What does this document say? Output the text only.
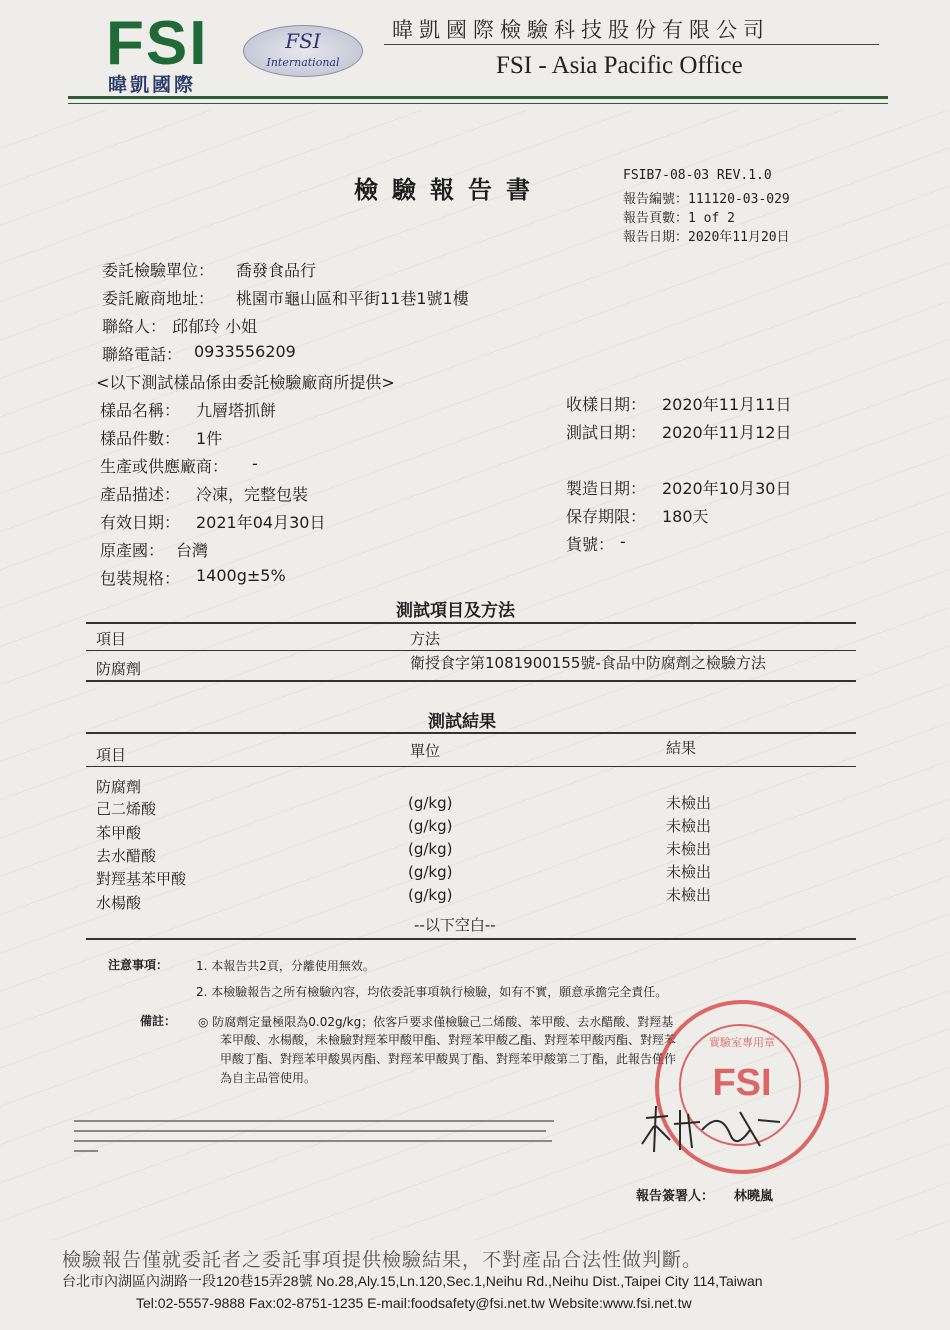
FSI
暐凱國際
FSI
International
暐凱國際檢驗科技股份有限公司
FSI - Asia Pacific Office
檢驗報告書	FSIB7-08-03 REV.1.0
報告編號：111120-03-029
報告頁數：1 of 2
報告日期：2020年11月20日
委託檢驗單位： 喬發食品行
委託廠商地址： 桃園市龜山區和平街11巷1號1樓
聯絡人： 邱郁玲 小姐
聯絡電話： 0933556209
<以下測試樣品係由委託檢驗廠商所提供>
樣品名稱： 九層塔抓餅
樣品件數： 1件
生產或供應廠商： -
產品描述： 冷凍，完整包裝
有效日期： 2021年04月30日
原產國： 台灣
包裝規格： 1400g±5%
收樣日期： 2020年11月11日
測試日期： 2020年11月12日
製造日期： 2020年10月30日
保存期限： 180天
貨號： -
測試項目及方法
項目	方法
防腐劑	衛授食字第1081900155號-食品中防腐劑之檢驗方法
測試結果
項目	單位	結果
防腐劑
己二烯酸	(g/kg)	未檢出
苯甲酸	(g/kg)	未檢出
去水醋酸	(g/kg)	未檢出
對羥基苯甲酸	(g/kg)	未檢出
水楊酸	(g/kg)	未檢出
--以下空白--
注意事項： 1. 本報告共2頁，分離使用無效。
2. 本檢驗報告之所有檢驗內容，均依委託事項執行檢驗，如有不實，願意承擔完全責任。
備註： ◎ 防腐劑定量極限為0.02g/kg；依客戶要求僅檢驗己二烯酸、苯甲酸、去水醋酸、對羥基
苯甲酸、水楊酸，未檢驗對羥苯甲酸甲酯、對羥苯甲酸乙酯、對羥苯甲酸丙酯、對羥苯
甲酸丁酯、對羥苯甲酸異丙酯、對羥苯甲酸異丁酯、對羥苯甲酸第二丁酯，此報告僅作
為自主品管使用。
實驗室專用章
FSI
報告簽署人： 林曉嵐
檢驗報告僅就委託者之委託事項提供檢驗結果，不對產品合法性做判斷。
台北市內湖區內湖路一段120巷15弄28號 No.28,Aly.15,Ln.120,Sec.1,Neihu Rd.,Neihu Dist.,Taipei City 114,Taiwan
Tel:02-5557-9888 Fax:02-8751-1235 E-mail:foodsafety@fsi.net.tw Website:www.fsi.net.tw
